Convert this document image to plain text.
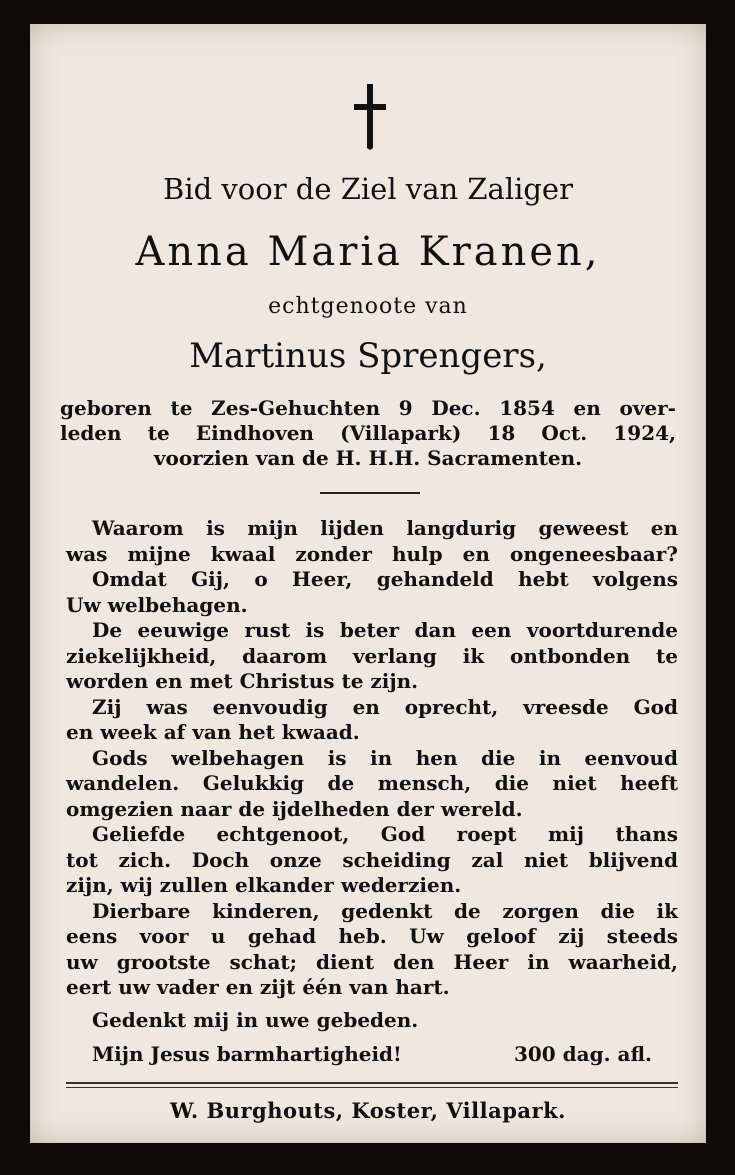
Bid voor de Ziel van Zaliger
Anna Maria Kranen,
echtgenoote van
Martinus Sprengers,
geboren te Zes-Gehuchten 9 Dec. 1854 en over-
leden te Eindhoven (Villapark) 18 Oct. 1924,
voorzien van de H. H.H. Sacramenten.
Waarom is mijn lijden langdurig geweest en
was mijne kwaal zonder hulp en ongeneesbaar?
Omdat Gij, o Heer, gehandeld hebt volgens
Uw welbehagen.
De eeuwige rust is beter dan een voortdurende
ziekelijkheid, daarom verlang ik ontbonden te
worden en met Christus te zijn.
Zij was eenvoudig en oprecht, vreesde God
en week af van het kwaad.
Gods welbehagen is in hen die in eenvoud
wandelen. Gelukkig de mensch, die niet heeft
omgezien naar de ijdelheden der wereld.
Geliefde echtgenoot, God roept mij thans
tot zich. Doch onze scheiding zal niet blijvend
zijn, wij zullen elkander wederzien.
Dierbare kinderen, gedenkt de zorgen die ik
eens voor u gehad heb. Uw geloof zij steeds
uw grootste schat; dient den Heer in waarheid,
eert uw vader en zijt één van hart.
Gedenkt mij in uwe gebeden.
Mijn Jesus barmhartigheid!	300 dag. afl.
W. Burghouts, Koster, Villapark.
